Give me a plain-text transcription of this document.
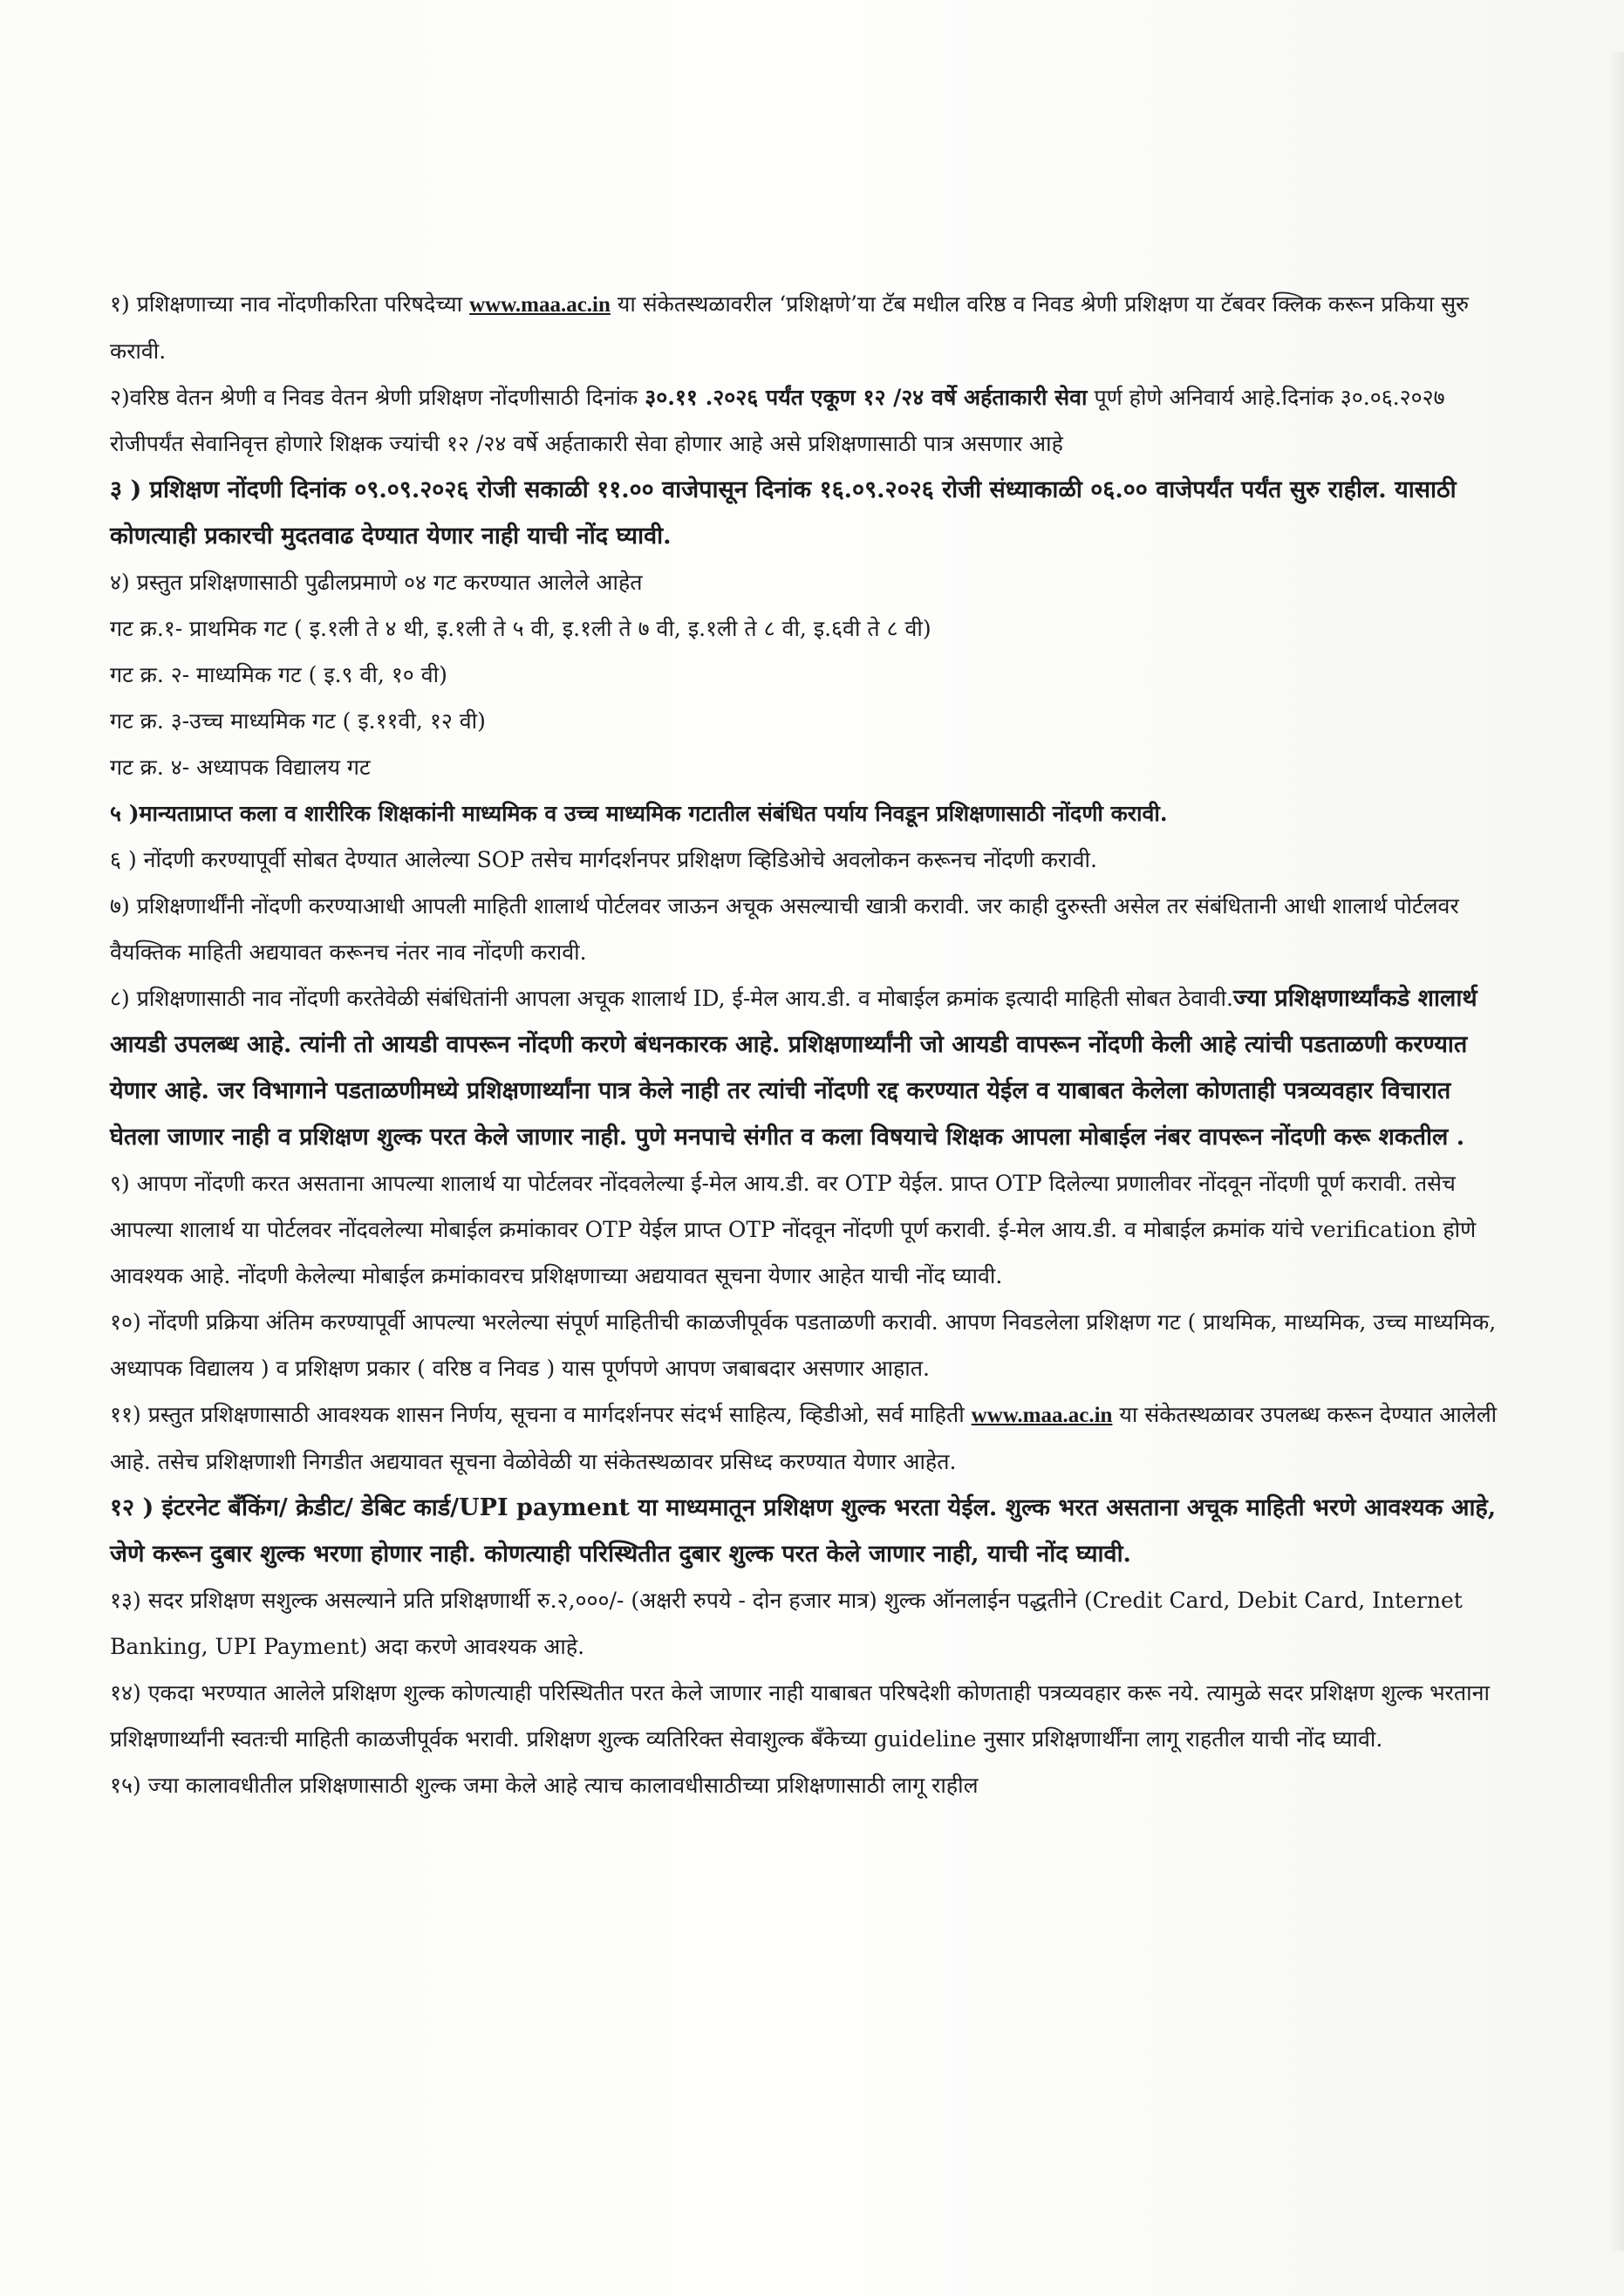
१) प्रशिक्षणाच्या नाव नोंदणीकरिता परिषदेच्या www.maa.ac.in या संकेतस्थळावरील ‘प्रशिक्षणे’या टॅब मधील वरिष्ठ व निवड श्रेणी प्रशिक्षण या टॅबवर क्लिक करून प्रकिया सुरु करावी.

२)वरिष्ठ वेतन श्रेणी व निवड वेतन श्रेणी प्रशिक्षण नोंदणीसाठी दिनांक ३०.११ .२०२६ पर्यंत एकूण १२ /२४ वर्षे अर्हताकारी सेवा पूर्ण होणे अनिवार्य आहे.दिनांक ३०.०६.२०२७ रोजीपर्यंत सेवानिवृत्त होणारे शिक्षक ज्यांची १२ /२४ वर्षे अर्हताकारी सेवा होणार आहे असे प्रशिक्षणासाठी पात्र असणार आहे

३ ) प्रशिक्षण नोंदणी दिनांक ०९.०९.२०२६ रोजी सकाळी ११.०० वाजेपासून दिनांक १६.०९.२०२६ रोजी संध्याकाळी ०६.०० वाजेपर्यंत पर्यंत सुरु राहील. यासाठी कोणत्याही प्रकारची मुदतवाढ देण्यात येणार नाही याची नोंद घ्यावी.

४) प्रस्तुत प्रशिक्षणासाठी पुढीलप्रमाणे ०४ गट करण्यात आलेले आहेत

गट क्र.१- प्राथमिक गट ( इ.१ली ते ४ थी, इ.१ली ते ५ वी, इ.१ली ते ७ वी, इ.१ली ते ८ वी, इ.६वी ते ८ वी)

गट क्र. २- माध्यमिक गट ( इ.९ वी, १० वी)

गट क्र. ३-उच्च माध्यमिक गट ( इ.११वी, १२ वी)

गट क्र. ४- अध्यापक विद्यालय गट

५ )मान्यताप्राप्त कला व शारीरिक शिक्षकांनी माध्यमिक व उच्च माध्यमिक गटातील संबंधित पर्याय निवडून प्रशिक्षणासाठी नोंदणी करावी.

६ ) नोंदणी करण्यापूर्वी सोबत देण्यात आलेल्या SOP तसेच मार्गदर्शनपर प्रशिक्षण व्हिडिओचे अवलोकन करूनच नोंदणी करावी.

७) प्रशिक्षणार्थींनी नोंदणी करण्याआधी आपली माहिती शालार्थ पोर्टलवर जाऊन अचूक असल्याची खात्री करावी. जर काही दुरुस्ती असेल तर संबंधितानी आधी शालार्थ पोर्टलवर वैयक्तिक माहिती अद्ययावत करूनच नंतर नाव नोंदणी करावी.

८) प्रशिक्षणासाठी नाव नोंदणी करतेवेळी संबंधितांनी आपला अचूक शालार्थ ID, ई-मेल आय.डी. व मोबाईल क्रमांक इत्यादी माहिती सोबत ठेवावी.ज्या प्रशिक्षणार्थ्यांकडे शालार्थ आयडी उपलब्ध आहे. त्यांनी तो आयडी वापरून नोंदणी करणे बंधनकारक आहे. प्रशिक्षणार्थ्यांनी जो आयडी वापरून नोंदणी केली आहे त्यांची पडताळणी करण्यात येणार आहे. जर विभागाने पडताळणीमध्ये प्रशिक्षणार्थ्यांना पात्र केले नाही तर त्यांची नोंदणी रद्द करण्यात येईल व याबाबत केलेला कोणताही पत्रव्यवहार विचारात घेतला जाणार नाही व प्रशिक्षण शुल्क परत केले जाणार नाही. पुणे मनपाचे संगीत व कला विषयाचे शिक्षक आपला मोबाईल नंबर वापरून नोंदणी करू शकतील .

९) आपण नोंदणी करत असताना आपल्या शालार्थ या पोर्टलवर नोंदवलेल्या ई-मेल आय.डी. वर OTP येईल. प्राप्त OTP दिलेल्या प्रणालीवर नोंदवून नोंदणी पूर्ण करावी. तसेच आपल्या शालार्थ या पोर्टलवर नोंदवलेल्या मोबाईल क्रमांकावर OTP येईल प्राप्त OTP नोंदवून नोंदणी पूर्ण करावी. ई-मेल आय.डी. व मोबाईल क्रमांक यांचे verification होणे आवश्यक आहे. नोंदणी केलेल्या मोबाईल क्रमांकावरच प्रशिक्षणाच्या अद्ययावत सूचना येणार आहेत याची नोंद घ्यावी.

१०) नोंदणी प्रक्रिया अंतिम करण्यापूर्वी आपल्या भरलेल्या संपूर्ण माहितीची काळजीपूर्वक पडताळणी करावी. आपण निवडलेला प्रशिक्षण गट ( प्राथमिक, माध्यमिक, उच्च माध्यमिक, अध्यापक विद्यालय ) व प्रशिक्षण प्रकार ( वरिष्ठ व निवड ) यास पूर्णपणे आपण जबाबदार असणार आहात.

११) प्रस्तुत प्रशिक्षणासाठी आवश्यक शासन निर्णय, सूचना व मार्गदर्शनपर संदर्भ साहित्य, व्हिडीओ, सर्व माहिती www.maa.ac.in या संकेतस्थळावर उपलब्ध करून देण्यात आलेली आहे. तसेच प्रशिक्षणाशी निगडीत अद्ययावत सूचना वेळोवेळी या संकेतस्थळावर प्रसिध्द करण्यात येणार आहेत.

१२ ) इंटरनेट बँकिंग/ क्रेडीट/ डेबिट कार्ड/UPI payment या माध्यमातून प्रशिक्षण शुल्क भरता येईल. शुल्क भरत असताना अचूक माहिती भरणे आवश्यक आहे, जेणे करून दुबार शुल्क भरणा होणार नाही. कोणत्याही परिस्थितीत दुबार शुल्क परत केले जाणार नाही, याची नोंद घ्यावी.

१३) सदर प्रशिक्षण सशुल्क असल्याने प्रति प्रशिक्षणार्थी रु.२,०००/- (अक्षरी रुपये - दोन हजार मात्र) शुल्क ऑनलाईन पद्धतीने (Credit Card, Debit Card, Internet Banking, UPI Payment) अदा करणे आवश्यक आहे.

१४) एकदा भरण्यात आलेले प्रशिक्षण शुल्क कोणत्याही परिस्थितीत परत केले जाणार नाही याबाबत परिषदेशी कोणताही पत्रव्यवहार करू नये. त्यामुळे सदर प्रशिक्षण शुल्क भरताना प्रशिक्षणार्थ्यांनी स्वतःची माहिती काळजीपूर्वक भरावी. प्रशिक्षण शुल्क व्यतिरिक्त सेवाशुल्क बँकेच्या guideline नुसार प्रशिक्षणार्थींना लागू राहतील याची नोंद घ्यावी.

१५) ज्या कालावधीतील प्रशिक्षणासाठी शुल्क जमा केले आहे त्याच कालावधीसाठीच्या प्रशिक्षणासाठी लागू राहील
